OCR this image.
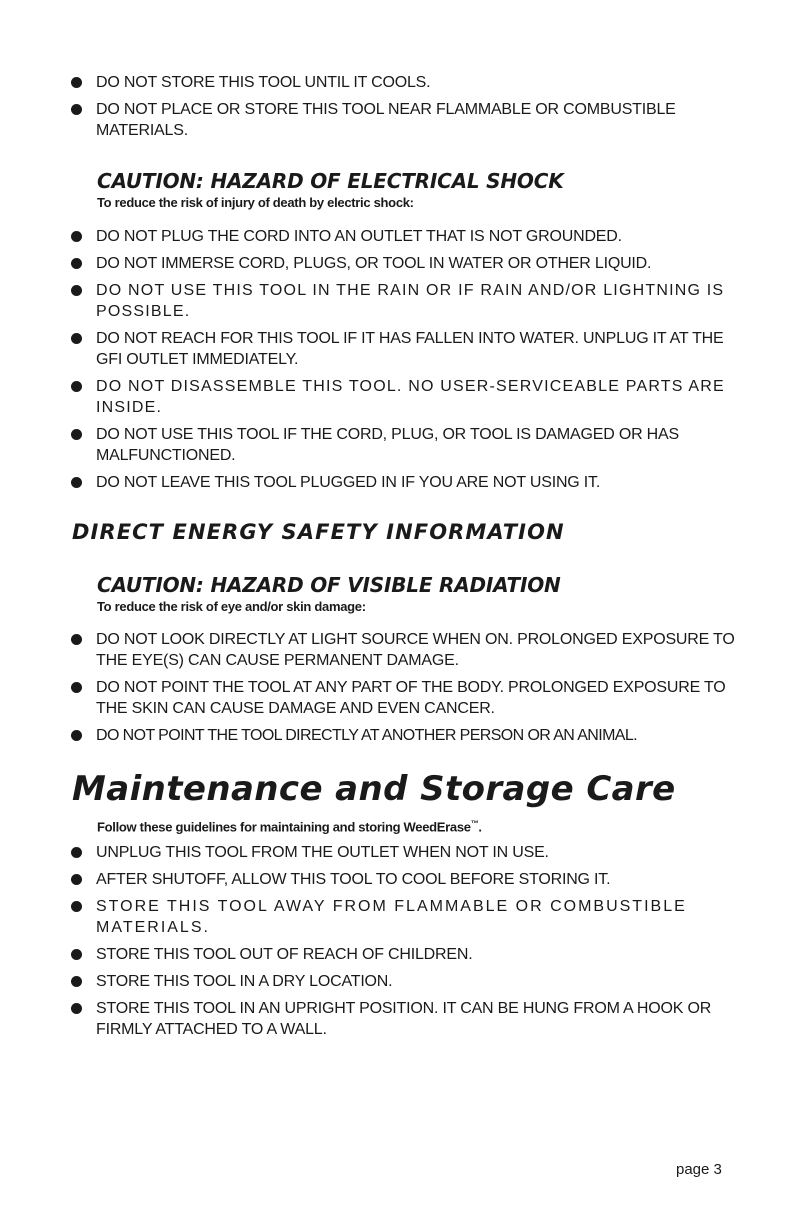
DO NOT STORE THIS TOOL UNTIL IT COOLS.
DO NOT PLACE OR STORE THIS TOOL NEAR FLAMMABLE OR COMBUSTIBLE MATERIALS.
CAUTION: HAZARD OF ELECTRICAL SHOCK

To reduce the risk of injury of death by electric shock:

DO NOT PLUG THE CORD INTO AN OUTLET THAT IS NOT GROUNDED.
DO NOT IMMERSE CORD, PLUGS, OR TOOL IN WATER OR OTHER LIQUID.
DO NOT USE THIS TOOL IN THE RAIN OR IF RAIN AND/OR LIGHTNING IS POSSIBLE.
DO NOT REACH FOR THIS TOOL IF IT HAS FALLEN INTO WATER. UNPLUG IT AT THE GFI OUTLET IMMEDIATELY.
DO NOT DISASSEMBLE THIS TOOL. NO USER-SERVICEABLE PARTS ARE INSIDE.
DO NOT USE THIS TOOL IF THE CORD, PLUG, OR TOOL IS DAMAGED OR HAS MALFUNCTIONED.
DO NOT LEAVE THIS TOOL PLUGGED IN IF YOU ARE NOT USING IT.
DIRECT ENERGY SAFETY INFORMATION
CAUTION: HAZARD OF VISIBLE RADIATION

To reduce the risk of eye and/or skin damage:

DO NOT LOOK DIRECTLY AT LIGHT SOURCE WHEN ON. PROLONGED EXPOSURE TO THE EYE(S) CAN CAUSE PERMANENT DAMAGE.
DO NOT POINT THE TOOL AT ANY PART OF THE BODY. PROLONGED EXPOSURE TO THE SKIN CAN CAUSE DAMAGE AND EVEN CANCER.
DO NOT POINT THE TOOL DIRECTLY AT ANOTHER PERSON OR AN ANIMAL.
Maintenance and Storage Care

Follow these guidelines for maintaining and storing WeedErase™.

UNPLUG THIS TOOL FROM THE OUTLET WHEN NOT IN USE.
AFTER SHUTOFF, ALLOW THIS TOOL TO COOL BEFORE STORING IT.
STORE THIS TOOL AWAY FROM FLAMMABLE OR COMBUSTIBLE MATERIALS.
STORE THIS TOOL OUT OF REACH OF CHILDREN.
STORE THIS TOOL IN A DRY LOCATION.
STORE THIS TOOL IN AN UPRIGHT POSITION. IT CAN BE HUNG FROM A HOOK OR FIRMLY ATTACHED TO A WALL.

page 3
